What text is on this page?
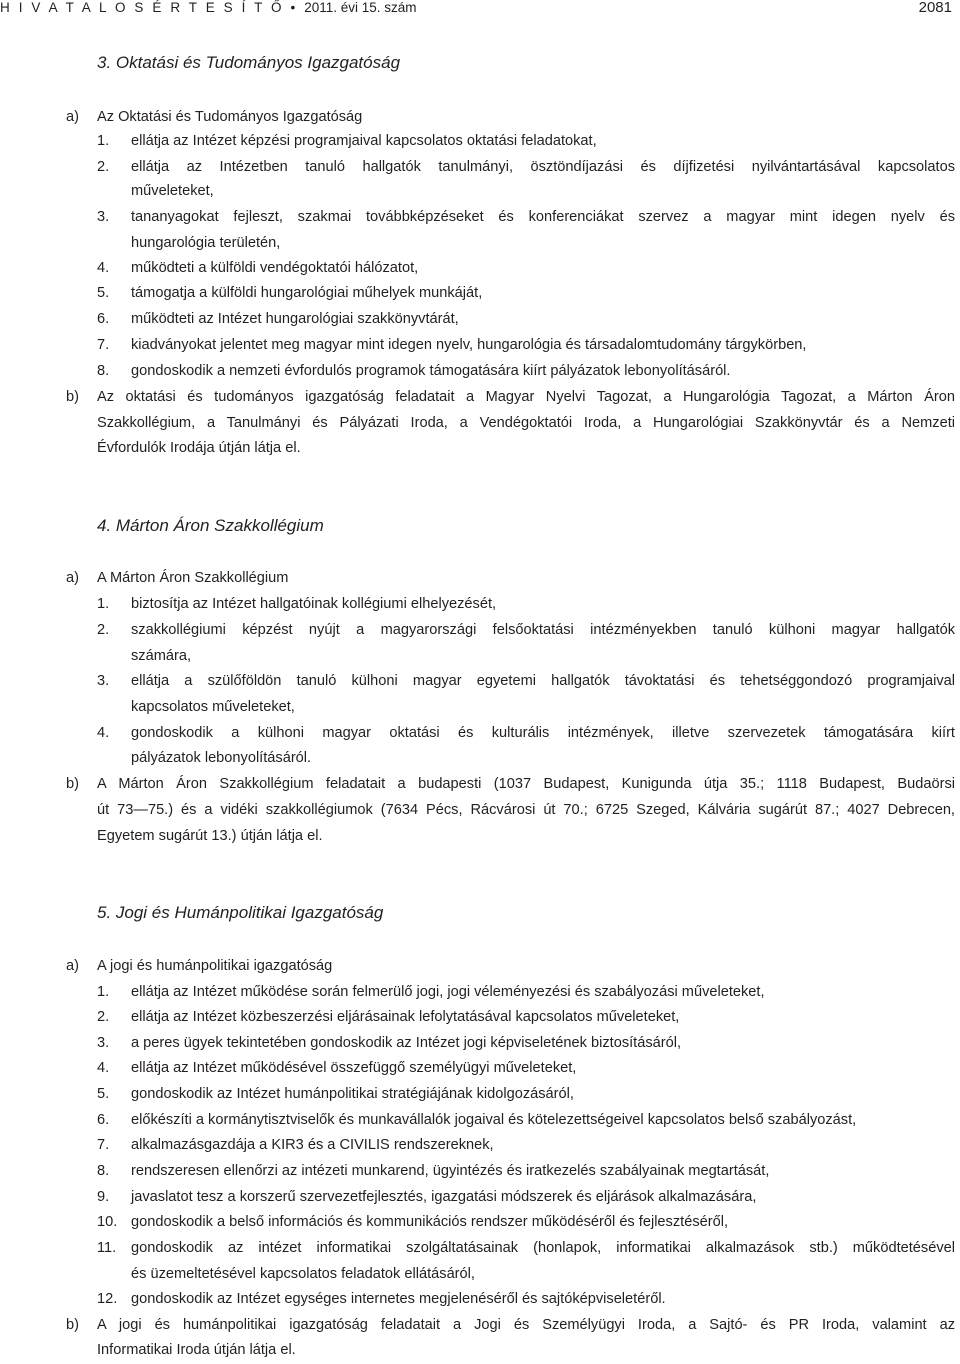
H I V A T A L O S É R T E S Í T Ő • 2011. évi 15. szám	2081
3. Oktatási és Tudományos Igazgatóság
a) Az Oktatási és Tudományos Igazgatóság
1. ellátja az Intézet képzési programjaival kapcsolatos oktatási feladatokat,
2. ellátja az Intézetben tanuló hallgatók tanulmányi, ösztöndíjazási és díjfizetési nyilvántartásával kapcsolatos
műveleteket,
3. tananyagokat fejleszt, szakmai továbbképzéseket és konferenciákat szervez a magyar mint idegen nyelv és
hungarológia területén,
4. működteti a külföldi vendégoktatói hálózatot,
5. támogatja a külföldi hungarológiai műhelyek munkáját,
6. működteti az Intézet hungarológiai szakkönyvtárát,
7. kiadványokat jelentet meg magyar mint idegen nyelv, hungarológia és társadalomtudomány tárgykörben,
8. gondoskodik a nemzeti évfordulós programok támogatására kiírt pályázatok lebonyolításáról.
b) Az oktatási és tudományos igazgatóság feladatait a Magyar Nyelvi Tagozat, a Hungarológia Tagozat, a Márton Áron
Szakkollégium, a Tanulmányi és Pályázati Iroda, a Vendégoktatói Iroda, a Hungarológiai Szakkönyvtár és a Nemzeti
Évfordulók Irodája útján látja el.
4. Márton Áron Szakkollégium
a) A Márton Áron Szakkollégium
1. biztosítja az Intézet hallgatóinak kollégiumi elhelyezését,
2. szakkollégiumi képzést nyújt a magyarországi felsőoktatási intézményekben tanuló külhoni magyar hallgatók
számára,
3. ellátja a szülőföldön tanuló külhoni magyar egyetemi hallgatók távoktatási és tehetséggondozó programjaival
kapcsolatos műveleteket,
4. gondoskodik a külhoni magyar oktatási és kulturális intézmények, illetve szervezetek támogatására kiírt
pályázatok lebonyolításáról.
b) A Márton Áron Szakkollégium feladatait a budapesti (1037 Budapest, Kunigunda útja 35.; 1118 Budapest, Budaörsi
út 73—75.) és a vidéki szakkollégiumok (7634 Pécs, Rácvárosi út 70.; 6725 Szeged, Kálvária sugárút 87.; 4027 Debrecen,
Egyetem sugárút 13.) útján látja el.
5. Jogi és Humánpolitikai Igazgatóság
a) A jogi és humánpolitikai igazgatóság
1. ellátja az Intézet működése során felmerülő jogi, jogi véleményezési és szabályozási műveleteket,
2. ellátja az Intézet közbeszerzési eljárásainak lefolytatásával kapcsolatos műveleteket,
3. a peres ügyek tekintetében gondoskodik az Intézet jogi képviseletének biztosításáról,
4. ellátja az Intézet működésével összefüggő személyügyi műveleteket,
5. gondoskodik az Intézet humánpolitikai stratégiájának kidolgozásáról,
6. előkészíti a kormánytisztviselők és munkavállalók jogaival és kötelezettségeivel kapcsolatos belső szabályozást,
7. alkalmazásgazdája a KIR3 és a CIVILIS rendszereknek,
8. rendszeresen ellenőrzi az intézeti munkarend, ügyintézés és iratkezelés szabályainak megtartását,
9. javaslatot tesz a korszerű szervezetfejlesztés, igazgatási módszerek és eljárások alkalmazására,
10. gondoskodik a belső információs és kommunikációs rendszer működéséről és fejlesztéséről,
11. gondoskodik az intézet informatikai szolgáltatásainak (honlapok, informatikai alkalmazások stb.) működtetésével
és üzemeltetésével kapcsolatos feladatok ellátásáról,
12. gondoskodik az Intézet egységes internetes megjelenéséről és sajtóképviseletéről.
b) A jogi és humánpolitikai igazgatóság feladatait a Jogi és Személyügyi Iroda, a Sajtó- és PR Iroda, valamint az
Informatikai Iroda útján látja el.
